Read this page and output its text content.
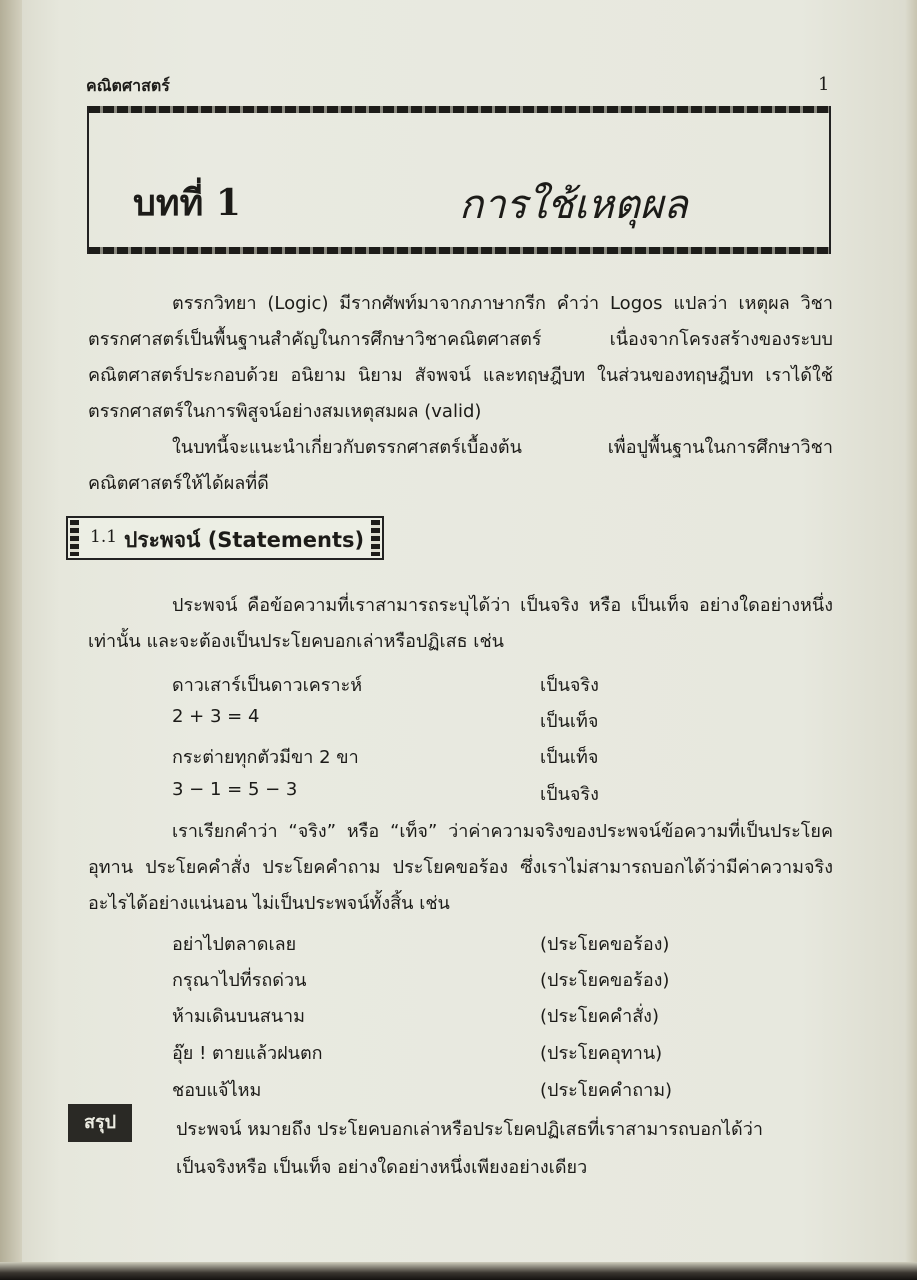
คณิตศาสตร์	1
บทที่ 1	การใช้เหตุผล

ตรรกวิทยา (Logic) มีรากศัพท์มาจากภาษากรีก คำว่า Logos แปลว่า เหตุผล วิชาตรรกศาสตร์เป็นพื้นฐานสำคัญในการศึกษาวิชาคณิตศาสตร์ เนื่องจากโครงสร้างของระบบคณิตศาสตร์ประกอบด้วย อนิยาม นิยาม สัจพจน์ และทฤษฎีบท ในส่วนของทฤษฎีบท เราได้ใช้ตรรกศาสตร์ในการพิสูจน์อย่างสมเหตุสมผล (valid)

ในบทนี้จะแนะนำเกี่ยวกับตรรกศาสตร์เบื้องต้น เพื่อปูพื้นฐานในการศึกษาวิชาคณิตศาสตร์ให้ได้ผลที่ดี

1.1 ประพจน์ (Statements)

ประพจน์ คือข้อความที่เราสามารถระบุได้ว่า เป็นจริง หรือ เป็นเท็จ อย่างใดอย่างหนึ่งเท่านั้น และจะต้องเป็นประโยคบอกเล่าหรือปฏิเสธ เช่น

ดาวเสาร์เป็นดาวเคราะห์	เป็นจริง
2 + 3 = 4	เป็นเท็จ
กระต่ายทุกตัวมีขา 2 ขา	เป็นเท็จ
3 − 1 = 5 − 3	เป็นจริง

เราเรียกคำว่า “จริง” หรือ “เท็จ” ว่าค่าความจริงของประพจน์ข้อความที่เป็นประโยคอุทาน ประโยคคำสั่ง ประโยคคำถาม ประโยคขอร้อง ซึ่งเราไม่สามารถบอกได้ว่ามีค่าความจริงอะไรได้อย่างแน่นอน ไม่เป็นประพจน์ทั้งสิ้น เช่น

อย่าไปตลาดเลย	(ประโยคขอร้อง)
กรุณาไปที่รถด่วน	(ประโยคขอร้อง)
ห้ามเดินบนสนาม	(ประโยคคำสั่ง)
อุ๊ย ! ตายแล้วฝนตก	(ประโยคอุทาน)
ชอบแจ้ไหม	(ประโยคคำถาม)
สรุป	ประพจน์ หมายถึง ประโยคบอกเล่าหรือประโยคปฏิเสธที่เราสามารถบอกได้ว่า
เป็นจริงหรือ เป็นเท็จ อย่างใดอย่างหนึ่งเพียงอย่างเดียว
